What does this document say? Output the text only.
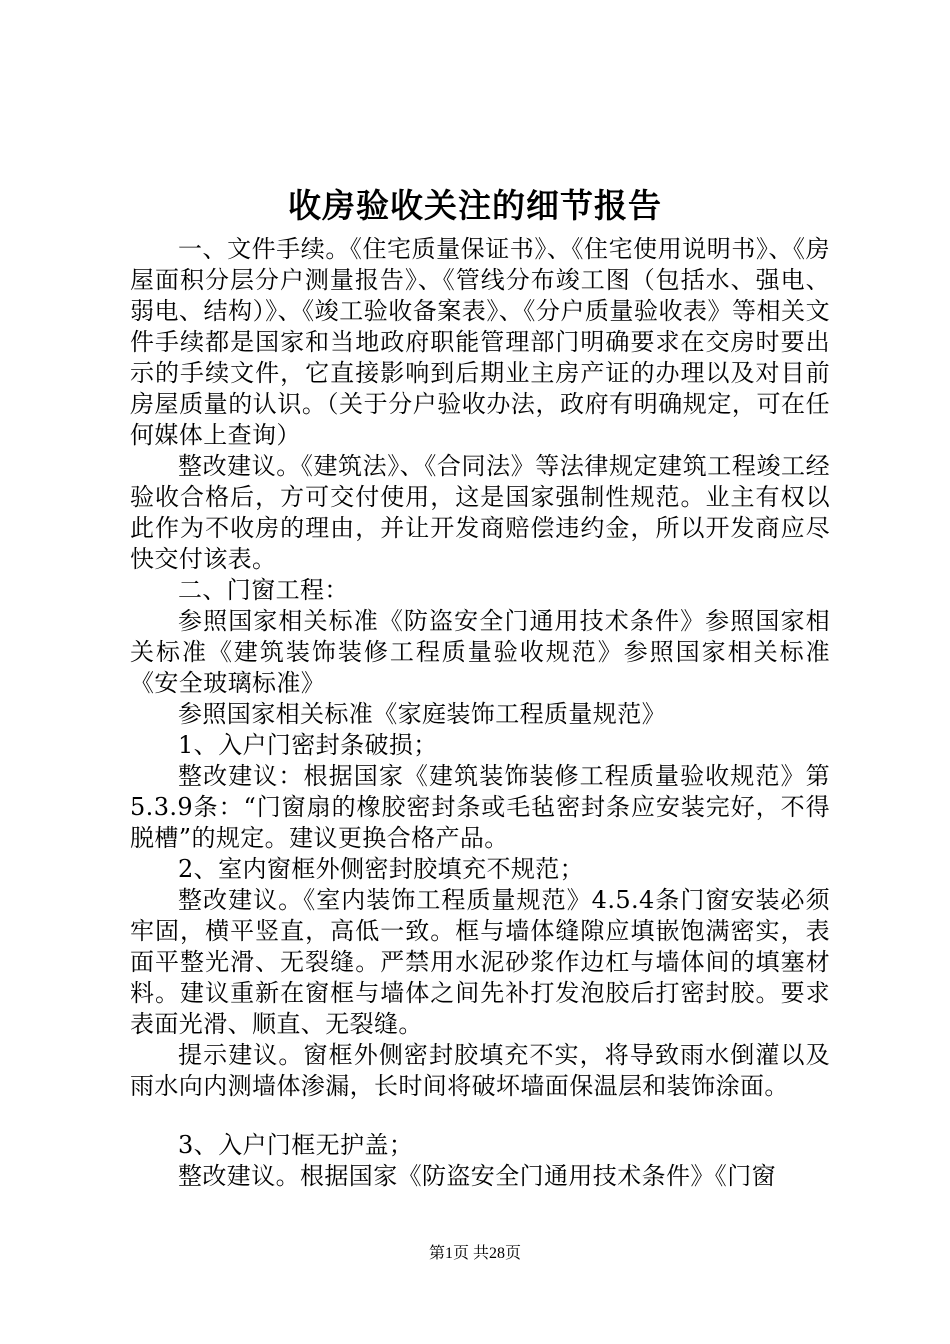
收房验收关注的细节报告

一、文件手续。《住宅质量保证书》、《住宅使用说明书》、《房屋面积分层分户测量报告》、《管线分布竣工图（包括水、强电、弱电、结构）》、《竣工验收备案表》、《分户质量验收表》等相关文件手续都是国家和当地政府职能管理部门明确要求在交房时要出示的手续文件，它直接影响到后期业主房产证的办理以及对目前房屋质量的认识。（关于分户验收办法，政府有明确规定，可在任何媒体上查询）

整改建议。《建筑法》、《合同法》等法律规定建筑工程竣工经验收合格后，方可交付使用，这是国家强制性规范。业主有权以此作为不收房的理由，并让开发商赔偿违约金，所以开发商应尽快交付该表。

二、门窗工程：

参照国家相关标准《防盗安全门通用技术条件》参照国家相关标准《建筑装饰装修工程质量验收规范》参照国家相关标准《安全玻璃标准》

参照国家相关标准《家庭装饰工程质量规范》

1、入户门密封条破损；

整改建议：根据国家《建筑装饰装修工程质量验收规范》第5.3.9条：“门窗扇的橡胶密封条或毛毡密封条应安装完好，不得脱槽”的规定。建议更换合格产品。

2、室内窗框外侧密封胶填充不规范；

整改建议。《室内装饰工程质量规范》4.5.4条门窗安装必须牢固，横平竖直，高低一致。框与墙体缝隙应填嵌饱满密实，表面平整光滑、无裂缝。严禁用水泥砂浆作边杠与墙体间的填塞材料。建议重新在窗框与墙体之间先补打发泡胶后打密封胶。要求表面光滑、顺直、无裂缝。

提示建议。窗框外侧密封胶填充不实，将导致雨水倒灌以及雨水向内测墙体渗漏，长时间将破坏墙面保温层和装饰涂面。

3、入户门框无护盖；

整改建议。根据国家《防盗安全门通用技术条件》《门窗

第1页 共28页
